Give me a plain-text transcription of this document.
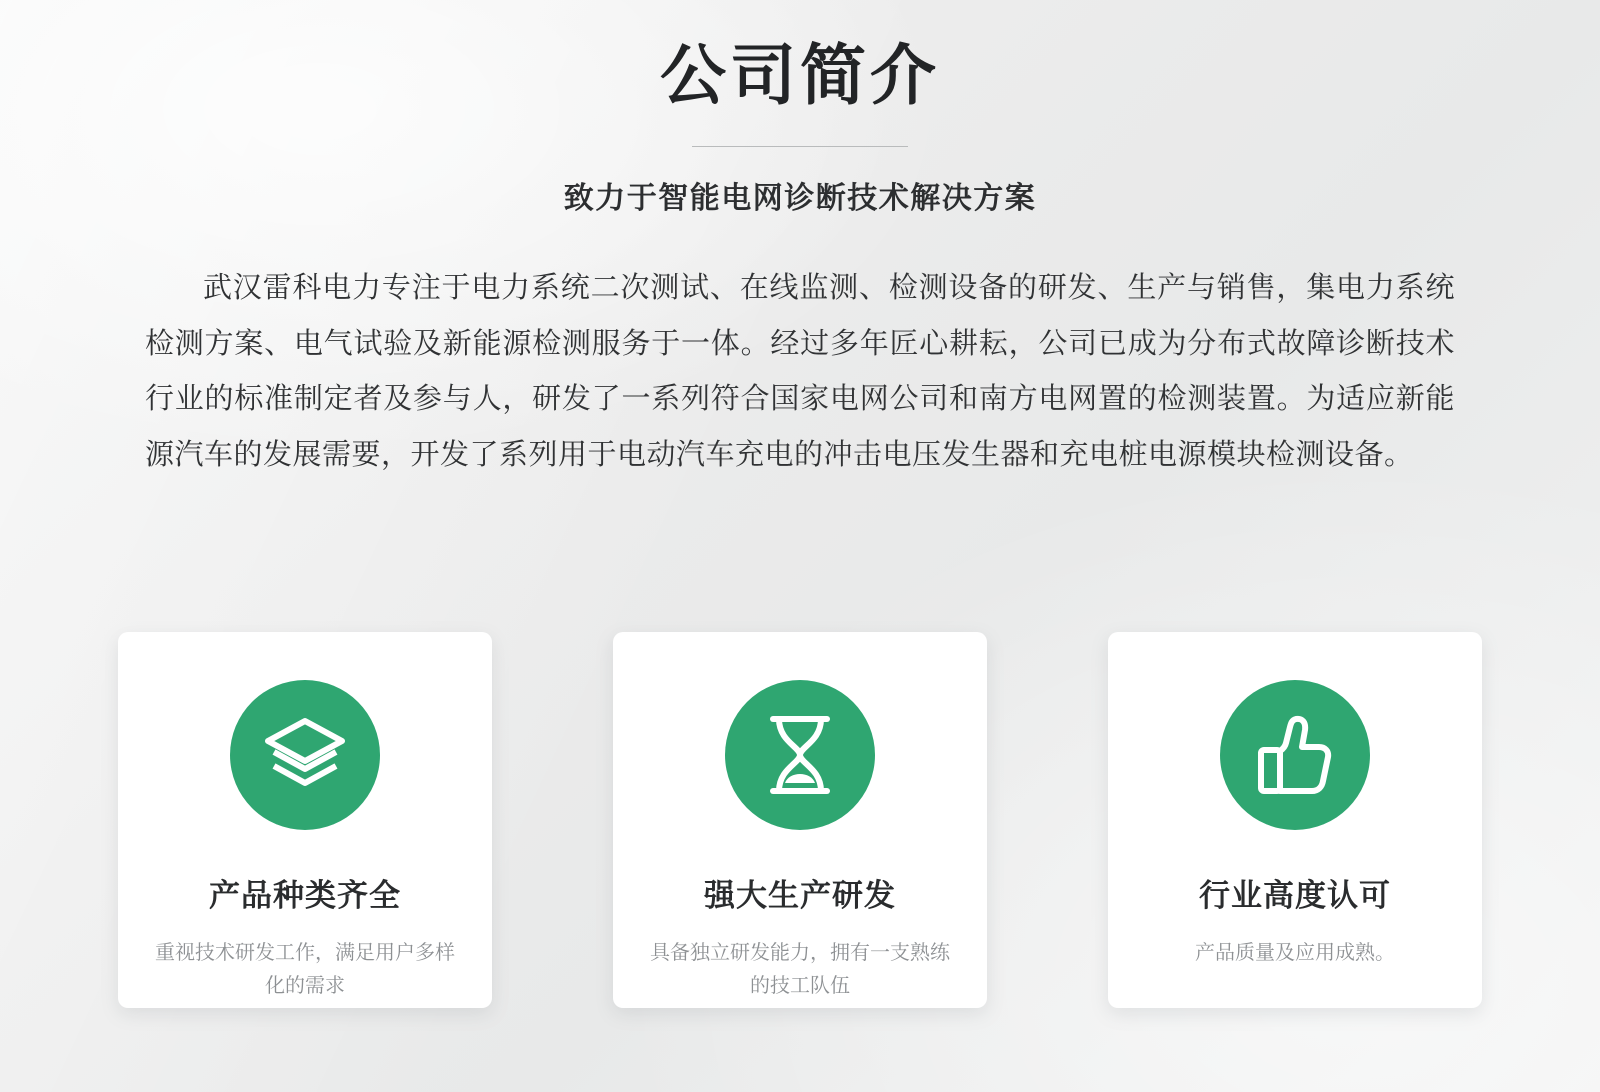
公司简介
致力于智能电网诊断技术解决方案

武汉雷科电力专注于电力系统二次测试、在线监测、检测设备的研发、生产与销售，集电力系统检测方案、电气试验及新能源检测服务于一体。经过多年匠心耕耘，公司已成为分布式故障诊断技术行业的标准制定者及参与人，研发了一系列符合国家电网公司和南方电网置的检测装置。为适应新能源汽车的发展需要，开发了系列用于电动汽车充电的冲击电压发生器和充电桩电源模块检测设备。

产品种类齐全
重视技术研发工作，满足用户多样化的需求
强大生产研发
具备独立研发能力，拥有一支熟练的技工队伍
行业高度认可
产品质量及应用成熟。
